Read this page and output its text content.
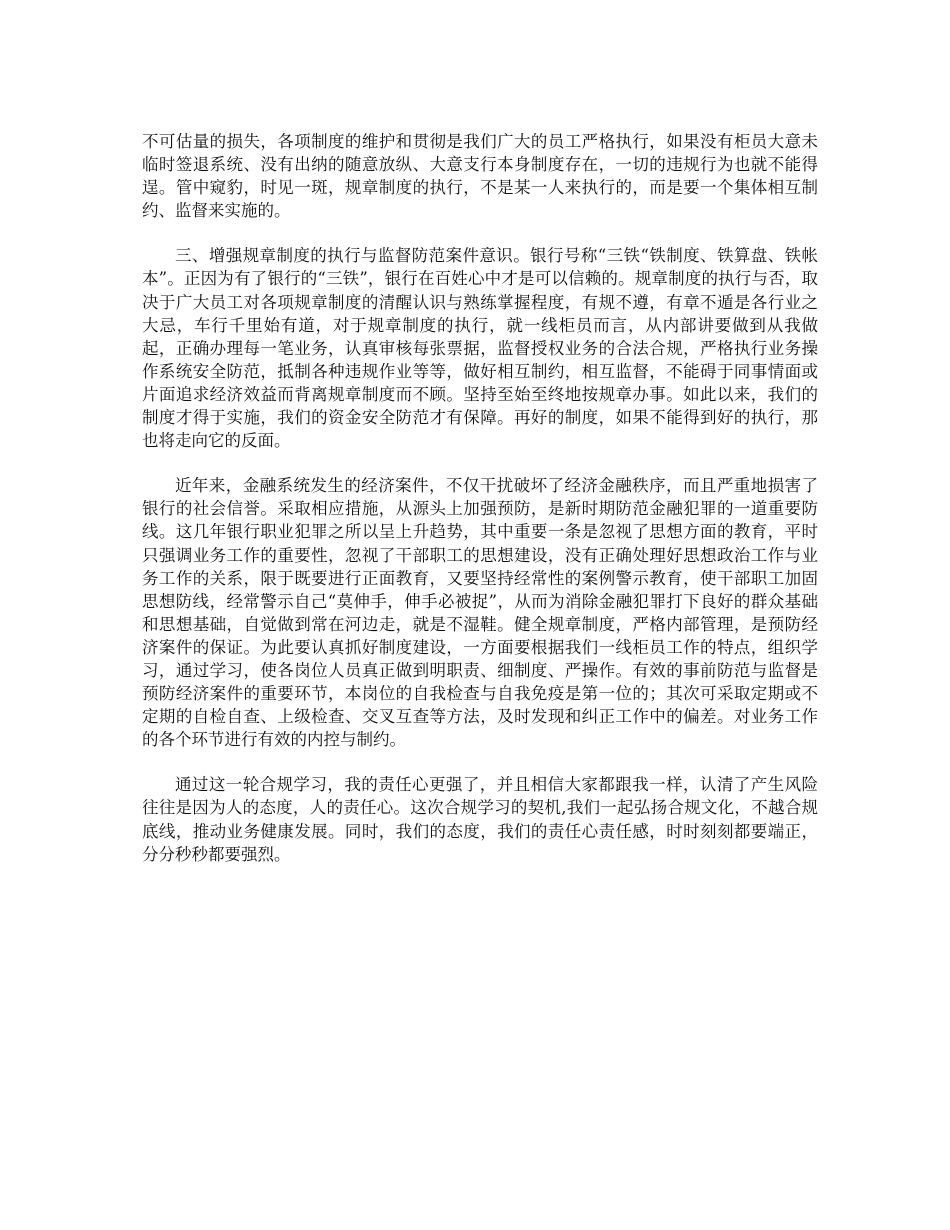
不可估量的损失，各项制度的维护和贯彻是我们广大的员工严格执行，如果没有柜员大意未临时签退系统、没有出纳的随意放纵、大意支行本身制度存在，一切的违规行为也就不能得逞。管中窥豹，时见一斑，规章制度的执行，不是某一人来执行的，而是要一个集体相互制约、监督来实施的。

三、增强规章制度的执行与监督防范案件意识。银行号称“三铁“铁制度、铁算盘、铁帐本”。正因为有了银行的“三铁”，银行在百姓心中才是可以信赖的。规章制度的执行与否，取决于广大员工对各项规章制度的清醒认识与熟练掌握程度，有规不遵，有章不遁是各行业之大忌，车行千里始有道，对于规章制度的执行，就一线柜员而言，从内部讲要做到从我做起，正确办理每一笔业务，认真审核每张票据，监督授权业务的合法合规，严格执行业务操作系统安全防范，抵制各种违规作业等等，做好相互制约，相互监督，不能碍于同事情面或片面追求经济效益而背离规章制度而不顾。坚持至始至终地按规章办事。如此以来，我们的制度才得于实施，我们的资金安全防范才有保障。再好的制度，如果不能得到好的执行，那也将走向它的反面。

近年来，金融系统发生的经济案件，不仅干扰破坏了经济金融秩序，而且严重地损害了银行的社会信誉。采取相应措施，从源头上加强预防，是新时期防范金融犯罪的一道重要防线。这几年银行职业犯罪之所以呈上升趋势，其中重要一条是忽视了思想方面的教育，平时只强调业务工作的重要性，忽视了干部职工的思想建设，没有正确处理好思想政治工作与业务工作的关系，限于既要进行正面教育，又要坚持经常性的案例警示教育，使干部职工加固思想防线，经常警示自己“莫伸手，伸手必被捉”，从而为消除金融犯罪打下良好的群众基础和思想基础，自觉做到常在河边走，就是不湿鞋。健全规章制度，严格内部管理，是预防经济案件的保证。为此要认真抓好制度建设，一方面要根据我们一线柜员工作的特点，组织学习，通过学习，使各岗位人员真正做到明职责、细制度、严操作。有效的事前防范与监督是预防经济案件的重要环节，本岗位的自我检查与自我免疫是第一位的；其次可采取定期或不定期的自检自查、上级检查、交叉互查等方法，及时发现和纠正工作中的偏差。对业务工作的各个环节进行有效的内控与制约。

通过这一轮合规学习，我的责任心更强了，并且相信大家都跟我一样，认清了产生风险往往是因为人的态度，人的责任心。这次合规学习的契机,我们一起弘扬合规文化，不越合规底线，推动业务健康发展。同时，我们的态度，我们的责任心责任感，时时刻刻都要端正，分分秒秒都要强烈。
